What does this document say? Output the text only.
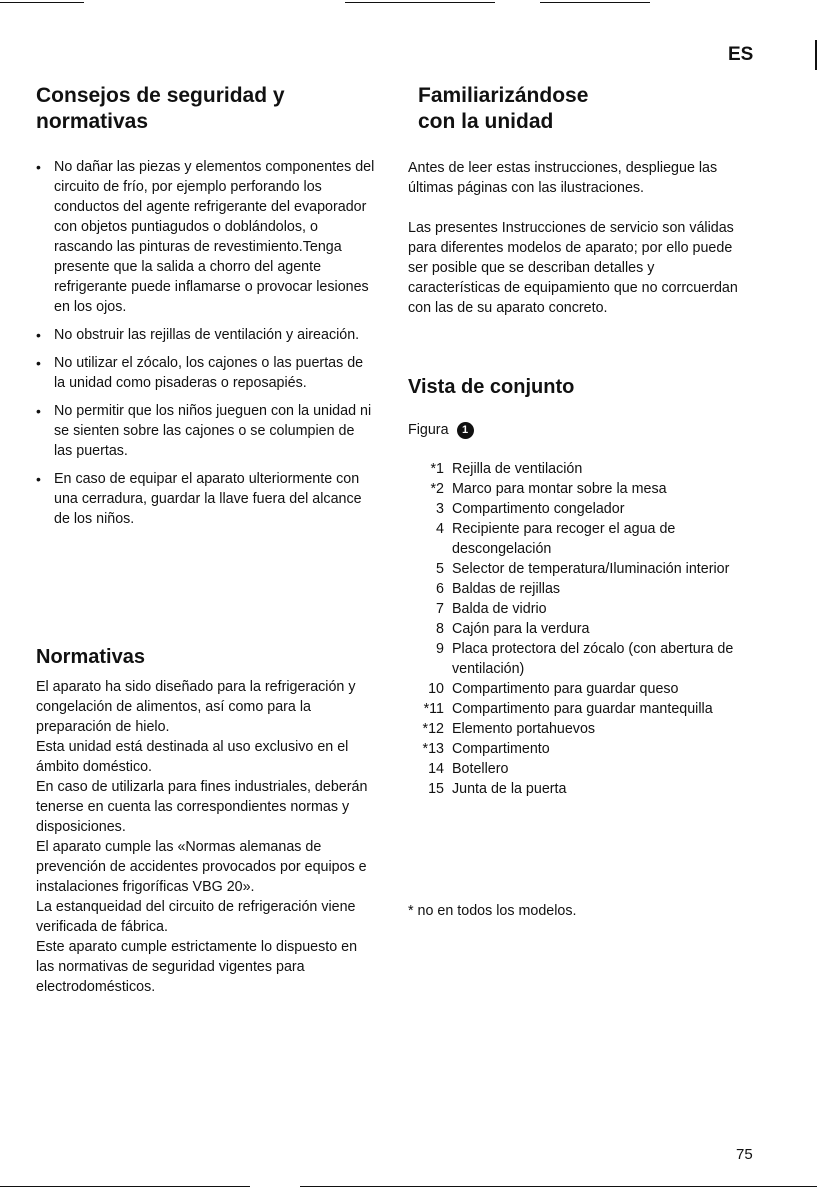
ES
Consejos de seguridad y
normativas
• No dañar las piezas y elementos componentes del circuito de frío, por ejemplo perforando los conductos del agente refrigerante del evaporador con objetos puntiagudos o doblándolos, o rascando las pinturas de revestimiento.Tenga presente que la salida a chorro del agente refrigerante puede inflamarse o provocar lesiones en los ojos.
• No obstruir las rejillas de ventilación y aireación.
• No utilizar el zócalo, los cajones o las puertas de la unidad como pisaderas o reposapiés.
• No permitir que los niños jueguen con la unidad ni se sienten sobre las cajones o se columpien de las puertas.
• En caso de equipar el aparato ulteriormente con una cerradura, guardar la llave fuera del alcance de los niños.
Normativas

El aparato ha sido diseñado para la refrigeración y congelación de alimentos, así como para la preparación de hielo.

Esta unidad está destinada al uso exclusivo en el ámbito doméstico.

En caso de utilizarla para fines industriales, deberán tenerse en cuenta las correspondientes normas y disposiciones.

El aparato cumple las «Normas alemanas de prevención de accidentes provocados por equipos e instalaciones frigoríficas VBG 20».

La estanqueidad del circuito de refrigeración viene verificada de fábrica.

Este aparato cumple estrictamente lo dispuesto en las normativas de seguridad vigentes para electrodomésticos.

Familiarizándose
con la unidad

Antes de leer estas instrucciones, despliegue las últimas páginas con las ilustraciones.

Las presentes Instrucciones de servicio son válidas para diferentes modelos de aparato; por ello puede ser posible que se describan detalles y características de equipamiento que no cоrrcuerdan con las de su aparato concreto.

Vista de conjunto
Figura	1
*1 Rejilla de ventilación
*2 Marco para montar sobre la mesa
3 Compartimento congelador
4 Recipiente para recoger el agua de descongelación
5 Selector de temperatura/Iluminación interior
6 Baldas de rejillas
7 Balda de vidrio
8 Cajón para la verdura
9 Placa protectora del zócalo (con abertura de ventilación)
10 Compartimento para guardar queso
*11 Compartimento para guardar mantequilla
*12 Elemento portahuevos
*13 Compartimento
14 Botellero
15 Junta de la puerta
* no en todos los modelos.
75
